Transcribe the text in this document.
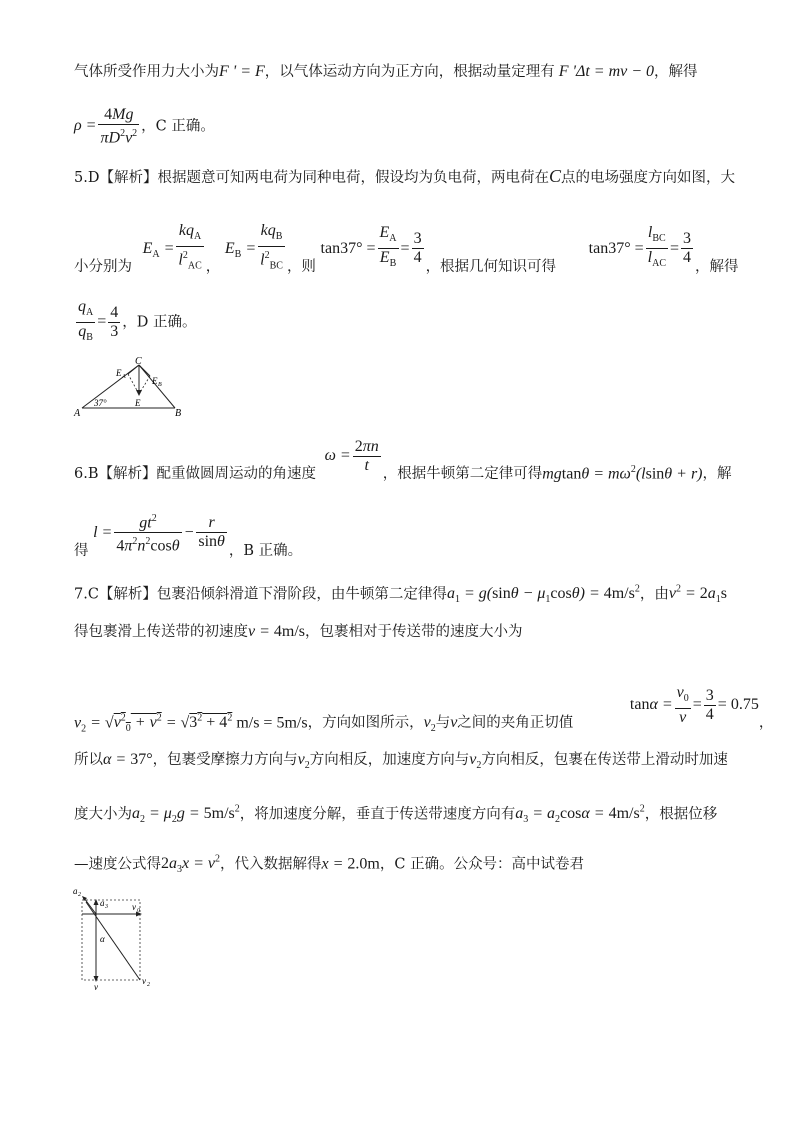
气体所受作用力大小为F ' = F，以气体运动方向为正方向，根据动量定理有 F 'Δt = mv − 0，解得
$\rho = \frac{4Mg}{\pi D^2v^2}$ ，C 正确。
5.D【解析】根据题意可知两电荷为同种电荷，假设均为负电荷，两电荷在C点的电场强度方向如图，大
小分别为 $E_A = \frac{kq_A}{l^2_{AC}}$ ， $E_B = \frac{kq_B}{l^2_{BC}}$ ，则 $\tan 37^\circ = \frac{E_A}{E_B} = \frac{3}{4}$ ，根据几何知识可得 $\tan 37^\circ = \frac{l_{BC}}{l_{AC}} = \frac{3}{4}$ ，解得
$\frac{q_A}{q_B} = \frac{4}{3}$ ，D 正确。
C
E A	E B
E
A	B
37°
6.B【解析】配重做圆周运动的角速度 $\omega = \frac{2\pi n}{t}$ ，根据牛顿第二定律可得$mgtan\theta = m\omega^2(lsin\theta + r)$，解
得 $l = \frac{gt^2}{4\pi^2n^2\cos\theta} - \frac{r}{\sin\theta}$ ，B 正确。
7.C【解析】包裹沿倾斜滑道下滑阶段，由牛顿第二定律得$a_1 = g(\sin\theta - \mu_1\cos\theta) = 4m/s^2$，由$v^2 = 2a_1s$
得包裹滑上传送带的初速度v = 4m/s，包裹相对于传送带的速度大小为
$v_2 = √v^2_0 + v^2 = √3^2 + 4^2$ m/s = 5m/s，方向如图所示，$v_2$与v之间的夹角正切值 $\tan\alpha = \frac{v_0}{v} = \frac{3}{4} = 0.75$，
所以α = 37°，包裹受摩擦力方向与$v_2$方向相反，加速度方向与$v_2$方向相反，包裹在传送带上滑动时加速
度大小为$a_2 = \mu_2g = 5m/s^2$，将加速度分解，垂直于传送带速度方向有$a_3 = a_2\cos\alpha = 4m/s^2$，根据位移
—速度公式得$2a_3x = v^2$，代入数据解得x = 2.0m，C 正确。公众号：高中试卷君
a 2
a 3	v 0
α
v
v 2
